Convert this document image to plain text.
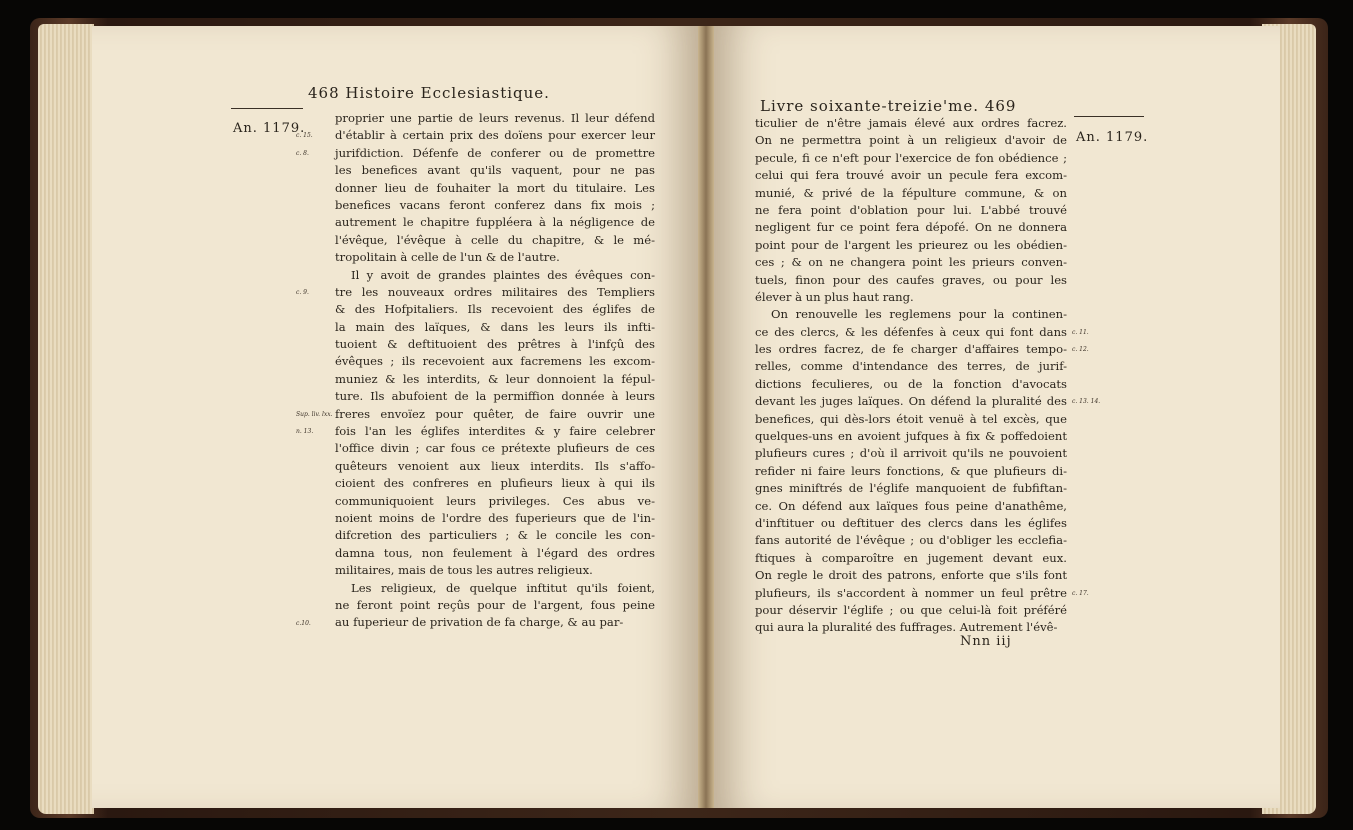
468 Histoire Ecclesiastique.
An. 1179.
c. 15.
c. 8.
c. 9.
Sup. liv. lxx.
n. 13.
c.10.
proprier une partie de leurs revenus. Il leur défend
d'établir à certain prix des doïens pour exercer leur
jurifdiction. Défenfe de conferer ou de promettre
les benefices avant qu'ils vaquent, pour ne pas
donner lieu de fouhaiter la mort du titulaire. Les
benefices vacans feront conferez dans fix mois ;
autrement le chapitre fuppléera à la négligence de
l'évêque, l'évêque à celle du chapitre, & le mé-
tropolitain à celle de l'un & de l'autre.
Il y avoit de grandes plaintes des évêques con-
tre les nouveaux ordres militaires des Templiers
& des Hofpitaliers. Ils recevoient des églifes de
la main des laïques, & dans les leurs ils infti-
tuoient & deftituoient des prêtres à l'infçû des
évêques ; ils recevoient aux facremens les excom-
muniez & les interdits, & leur donnoient la fépul-
ture. Ils abufoient de la permiffion donnée à leurs
freres envoïez pour quêter, de faire ouvrir une
fois l'an les églifes interdites & y faire celebrer
l'office divin ; car fous ce prétexte plufieurs de ces
quêteurs venoient aux lieux interdits. Ils s'affo-
cioient des confreres en plufieurs lieux à qui ils
communiquoient leurs privileges. Ces abus ve-
noient moins de l'ordre des fuperieurs que de l'in-
difcretion des particuliers ; & le concile les con-
damna tous, non feulement à l'égard des ordres
militaires, mais de tous les autres religieux.
Les religieux, de quelque inftitut qu'ils foient,
ne feront point reçûs pour de l'argent, fous peine
au fuperieur de privation de fa charge, & au par-
Livre soixante-treizie'me. 469
An. 1179.
c. 11.
c. 12.
c. 13. 14.
c. 17.
ticulier de n'être jamais élevé aux ordres facrez.
On ne permettra point à un religieux d'avoir de
pecule, fi ce n'eft pour l'exercice de fon obédience ;
celui qui fera trouvé avoir un pecule fera excom-
munié, & privé de la fépulture commune, & on
ne fera point d'oblation pour lui. L'abbé trouvé
negligent fur ce point fera dépofé. On ne donnera
point pour de l'argent les prieurez ou les obédien-
ces ; & on ne changera point les prieurs conven-
tuels, finon pour des caufes graves, ou pour les
élever à un plus haut rang.
On renouvelle les reglemens pour la continen-
ce des clercs, & les défenfes à ceux qui font dans
les ordres facrez, de fe charger d'affaires tempo-
relles, comme d'intendance des terres, de jurif-
dictions feculieres, ou de la fonction d'avocats
devant les juges laïques. On défend la pluralité des
benefices, qui dès-lors étoit venuë à tel excès, que
quelques-uns en avoient jufques à fix & poffedoient
plufieurs cures ; d'où il arrivoit qu'ils ne pouvoient
refider ni faire leurs fonctions, & que plufieurs di-
gnes miniftrés de l'églife manquoient de fubfiftan-
ce. On défend aux laïques fous peine d'anathême,
d'inftituer ou deftituer des clercs dans les églifes
fans autorité de l'évêque ; ou d'obliger les ecclefia-
ftiques à comparoître en jugement devant eux.
On regle le droit des patrons, enforte que s'ils font
plufieurs, ils s'accordent à nommer un feul prêtre
pour déservir l'églife ; ou que celui-là foit préféré
qui aura la pluralité des fuffrages. Autrement l'évê-
Nnn iij
